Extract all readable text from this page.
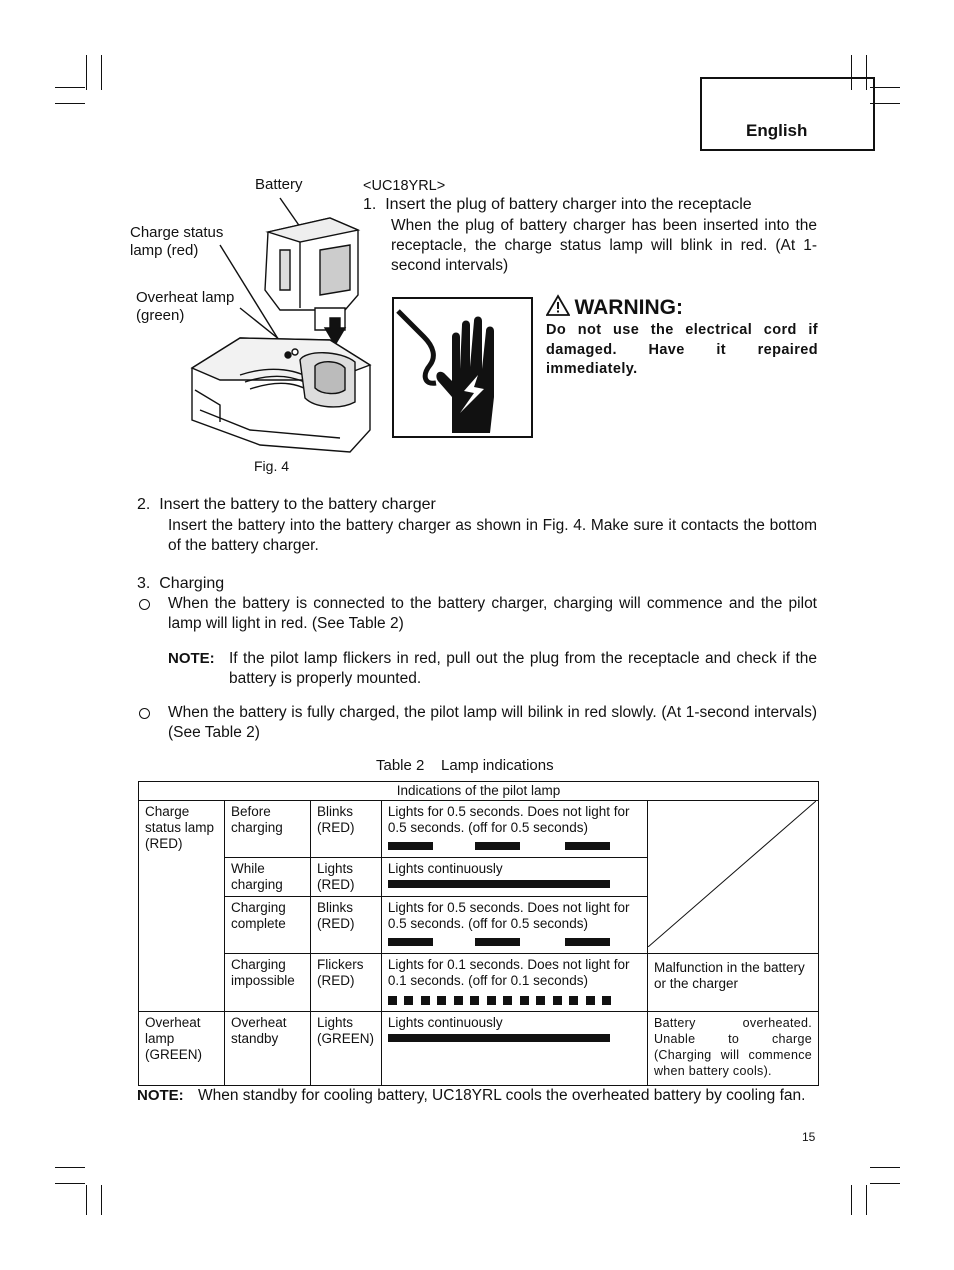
English
Battery
Charge status
lamp (red)
Overheat lamp
(green)
Fig. 4
WARNING:
Do not use the electrical cord if damaged. Have it repaired immediately.
<UC18YRL>
1.  Insert the plug of battery charger into the receptacle
When the plug of battery charger has been inserted into the receptacle, the charge status lamp will blink in red. (At 1-second intervals)
2.  Insert the battery to the battery charger
Insert the battery into the battery charger as shown in Fig. 4. Make sure it contacts the bottom of the battery charger.
3.  Charging
When the battery is connected to the battery charger, charging will commence and the pilot lamp will light in red. (See Table 2)
NOTE: If the pilot lamp flickers in red, pull out the plug from the receptacle and check if the battery is properly mounted.
When the battery is fully charged, the pilot lamp will bilink in red slowly. (At 1-second intervals) (See Table 2)
Table 2    Lamp indications
Indications of the pilot lamp				
Charge status lamp (RED)	Before charging	Blinks (RED)	Lights for 0.5 seconds. Does not light for 0.5 seconds. (off for 0.5 seconds)

	While charging	Lights (RED)	Lights continuously	

	Charging complete	Blinks (RED)	Lights for 0.5 seconds. Does not light for 0.5 seconds. (off for 0.5 seconds)	

	Charging impossible	Flickers (RED)	Lights for 0.1 seconds. Does not light for 0.1 seconds. (off for 0.1 seconds)	Malfunction in the battery or the charger
Overheat lamp (GREEN)	Overheat standby	Lights (GREEN)	Lights continuously	Battery overheated. Unable to charge (Charging will commence when battery cools).
NOTE: When standby for cooling battery, UC18YRL cools the overheated battery by cooling fan.
15
